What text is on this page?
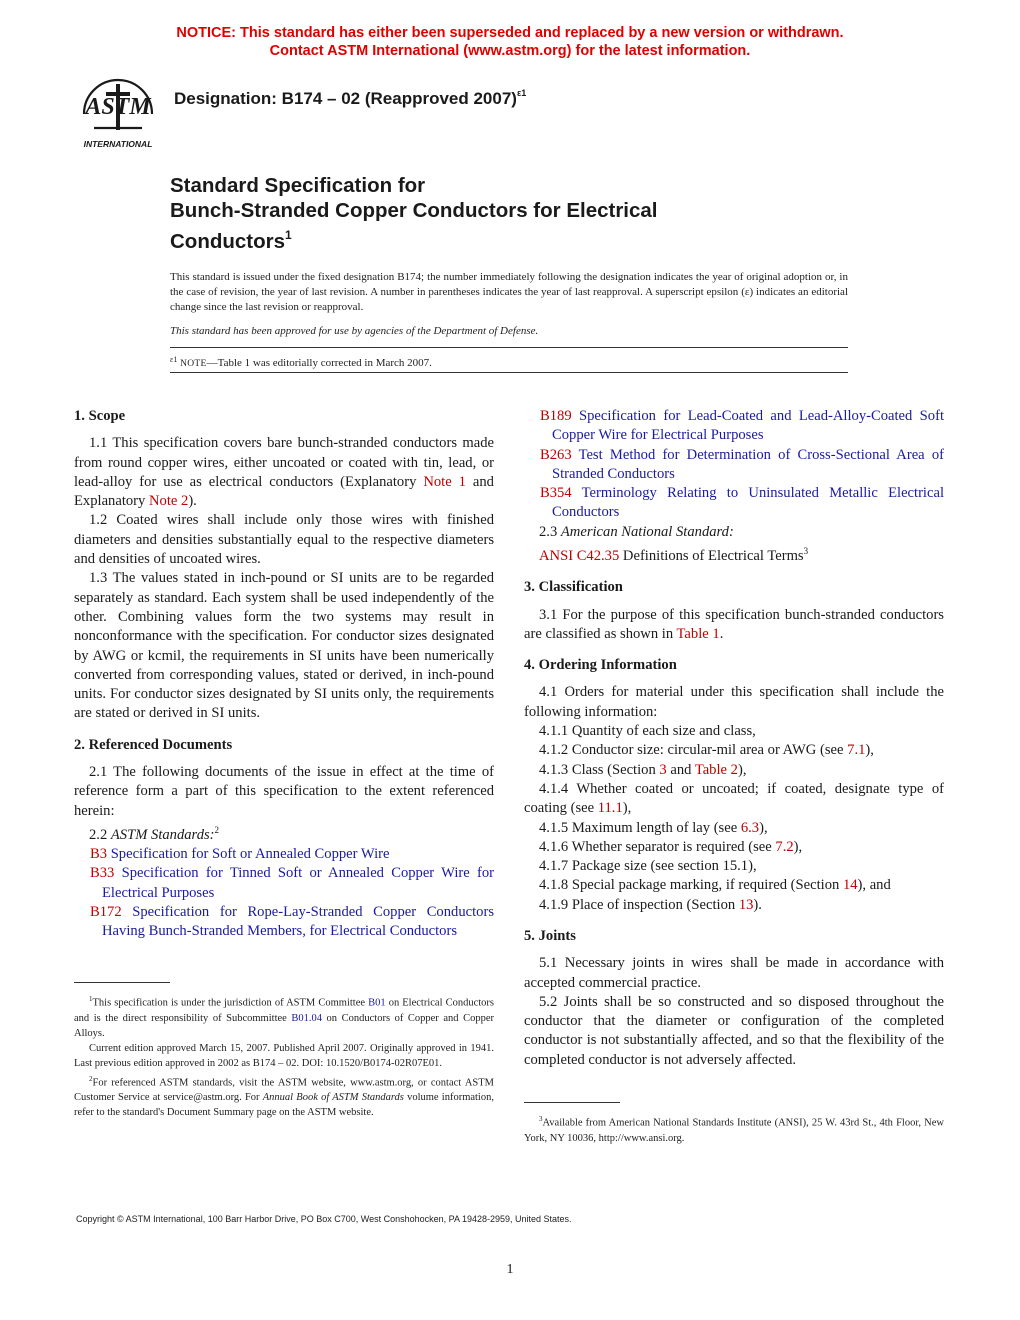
NOTICE: This standard has either been superseded and replaced by a new version or withdrawn.
Contact ASTM International (www.astm.org) for the latest information.
ASTM
INTERNATIONAL
Designation: B174 – 02 (Reapproved 2007)$^{\varepsilon 1}$
Standard Specification for
Bunch-Stranded Copper Conductors for Electrical
Conductors$^1$
This standard is issued under the fixed designation B174; the number immediately following the designation indicates the year of original adoption or, in the case of revision, the year of last revision. A number in parentheses indicates the year of last reapproval. A superscript epsilon (ε) indicates an editorial change since the last revision or reapproval.
This standard has been approved for use by agencies of the Department of Defense.
$^{\varepsilon 1}$ NOTE—Table 1 was editorially corrected in March 2007.

1. Scope

1.1 This specification covers bare bunch-stranded conductors made from round copper wires, either uncoated or coated with tin, lead, or lead-alloy for use as electrical conductors (Explanatory Note 1 and Explanatory Note 2).

1.2 Coated wires shall include only those wires with finished diameters and densities substantially equal to the respective diameters and densities of uncoated wires.

1.3 The values stated in inch-pound or SI units are to be regarded separately as standard. Each system shall be used independently of the other. Combining values form the two systems may result in nonconformance with the specification. For conductor sizes designated by AWG or kcmil, the requirements in SI units have been numerically converted from corresponding values, stated or derived, in inch-pound units. For conductor sizes designated by SI units only, the requirements are stated or derived in SI units.

2. Referenced Documents

2.1 The following documents of the issue in effect at the time of reference form a part of this specification to the extent referenced herein:

2.2 ASTM Standards:$^2$

B3 Specification for Soft or Annealed Copper Wire

B33 Specification for Tinned Soft or Annealed Copper Wire for Electrical Purposes

B172 Specification for Rope-Lay-Stranded Copper Conductors Having Bunch-Stranded Members, for Electrical Conductors

$^1$This specification is under the jurisdiction of ASTM Committee B01 on Electrical Conductors and is the direct responsibility of Subcommittee B01.04 on Conductors of Copper and Copper Alloys.

Current edition approved March 15, 2007. Published April 2007. Originally approved in 1941. Last previous edition approved in 2002 as B174 – 02. DOI: 10.1520/B0174-02R07E01.

$^2$For referenced ASTM standards, visit the ASTM website, www.astm.org, or contact ASTM Customer Service at service@astm.org. For Annual Book of ASTM Standards volume information, refer to the standard's Document Summary page on the ASTM website.

B189 Specification for Lead-Coated and Lead-Alloy-Coated Soft Copper Wire for Electrical Purposes

B263 Test Method for Determination of Cross-Sectional Area of Stranded Conductors

B354 Terminology Relating to Uninsulated Metallic Electrical Conductors

2.3 American National Standard:

ANSI C42.35 Definitions of Electrical Terms$^3$

3. Classification

3.1 For the purpose of this specification bunch-stranded conductors are classified as shown in Table 1.

4. Ordering Information

4.1 Orders for material under this specification shall include the following information:

4.1.1 Quantity of each size and class,

4.1.2 Conductor size: circular-mil area or AWG (see 7.1),

4.1.3 Class (Section 3 and Table 2),

4.1.4 Whether coated or uncoated; if coated, designate type of coating (see 11.1),

4.1.5 Maximum length of lay (see 6.3),

4.1.6 Whether separator is required (see 7.2),

4.1.7 Package size (see section 15.1),

4.1.8 Special package marking, if required (Section 14), and

4.1.9 Place of inspection (Section 13).

5. Joints

5.1 Necessary joints in wires shall be made in accordance with accepted commercial practice.

5.2 Joints shall be so constructed and so disposed throughout the conductor that the diameter or configuration of the completed conductor is not substantially affected, and so that the flexibility of the completed conductor is not adversely affected.

$^3$Available from American National Standards Institute (ANSI), 25 W. 43rd St., 4th Floor, New York, NY 10036, http://www.ansi.org.

Copyright © ASTM International, 100 Barr Harbor Drive, PO Box C700, West Conshohocken, PA 19428-2959, United States.
1
